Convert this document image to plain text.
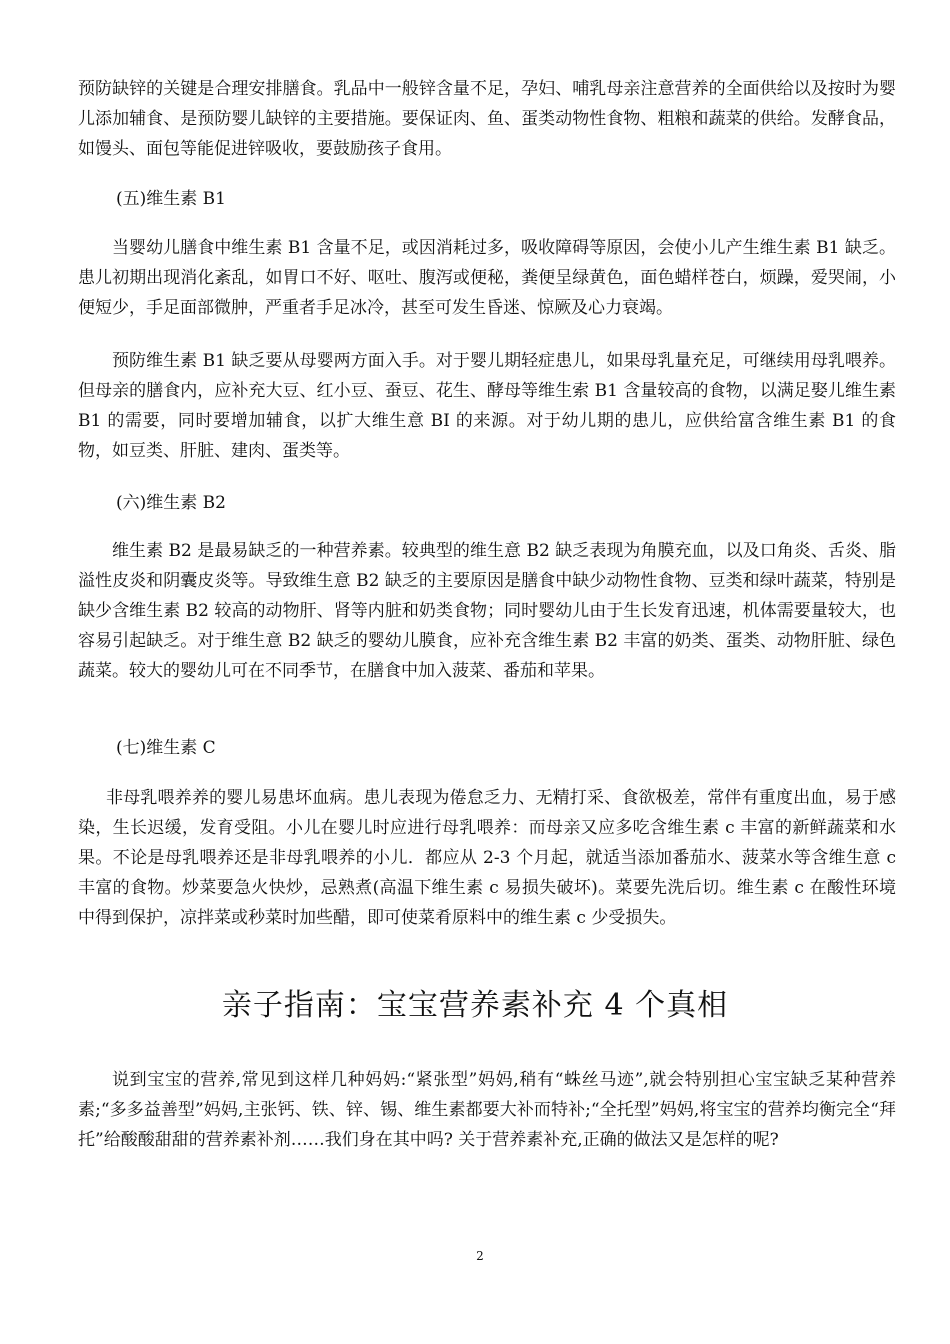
预防缺锌的关键是合理安排膳食。乳品中一般锌含量不足，孕妇、哺乳母亲注意营养的全面供给以及按时为婴儿添加辅食、是预防婴儿缺锌的主要措施。要保证肉、鱼、蛋类动物性食物、粗粮和蔬菜的供给。发酵食品，如馒头、面包等能促进锌吸收，要鼓励孩子食用。

(五)维生素 B1

当婴幼儿膳食中维生素 B1 含量不足，或因消耗过多，吸收障碍等原因，会使小儿产生维生素 B1 缺乏。患儿初期出现消化紊乱，如胃口不好、呕吐、腹泻或便秘，粪便呈绿黄色，面色蜡样苍白，烦躁，爱哭闹，小便短少，手足面部微肿，严重者手足冰冷，甚至可发生昏迷、惊厥及心力衰竭。

预防维生素 B1 缺乏要从母婴两方面入手。对于婴儿期轻症患儿，如果母乳量充足，可继续用母乳喂养。但母亲的膳食内，应补充大豆、红小豆、蚕豆、花生、酵母等维生索 B1 含量较高的食物，以满足娶儿维生素 B1 的需要，同时要增加辅食，以扩大维生意 BI 的来源。对于幼儿期的患儿，应供给富含维生素 B1 的食物，如豆类、肝脏、建肉、蛋类等。

(六)维生素 B2

维生素 B2 是最易缺乏的一种营养素。较典型的维生意 B2 缺乏表现为角膜充血，以及口角炎、舌炎、脂溢性皮炎和阴囊皮炎等。导致维生意 B2 缺乏的主要原因是膳食中缺少动物性食物、豆类和绿叶蔬菜，特别是缺少含维生素 B2 较高的动物肝、肾等内脏和奶类食物；同时婴幼儿由于生长发育迅速，机体需要量较大，也容易引起缺乏。对于维生意 B2 缺乏的婴幼儿膜食，应补充含维生素 B2 丰富的奶类、蛋类、动物肝脏、绿色蔬菜。较大的婴幼儿可在不同季节，在膳食中加入菠菜、番茄和苹果。

(七)维生素 C

非母乳喂养养的婴儿易患坏血病。患儿表现为倦怠乏力、无精打采、食欲极差，常伴有重度出血，易于感染，生长迟缓，发育受阻。小儿在婴儿时应进行母乳喂养：而母亲又应多吃含维生素 c 丰富的新鲜蔬菜和水果。不论是母乳喂养还是非母乳喂养的小儿．都应从 2-3 个月起，就适当添加番茄水、菠菜水等含维生意 c 丰富的食物。炒菜要急火快炒，忌熟煮(高温下维生素 c 易损失破坏)。菜要先洗后切。维生素 c 在酸性环境中得到保护，凉拌菜或秒菜时加些醋，即可使菜肴原料中的维生素 c 少受损失。

亲子指南：宝宝营养素补充 4 个真相

说到宝宝的营养,常见到这样几种妈妈:“紧张型”妈妈,稍有“蛛丝马迹”,就会特别担心宝宝缺乏某种营养素;“多多益善型”妈妈,主张钙、铁、锌、锡、维生素都要大补而特补;“全托型”妈妈,将宝宝的营养均衡完全“拜托”给酸酸甜甜的营养素补剂……我们身在其中吗? 关于营养素补充,正确的做法又是怎样的呢?

2
